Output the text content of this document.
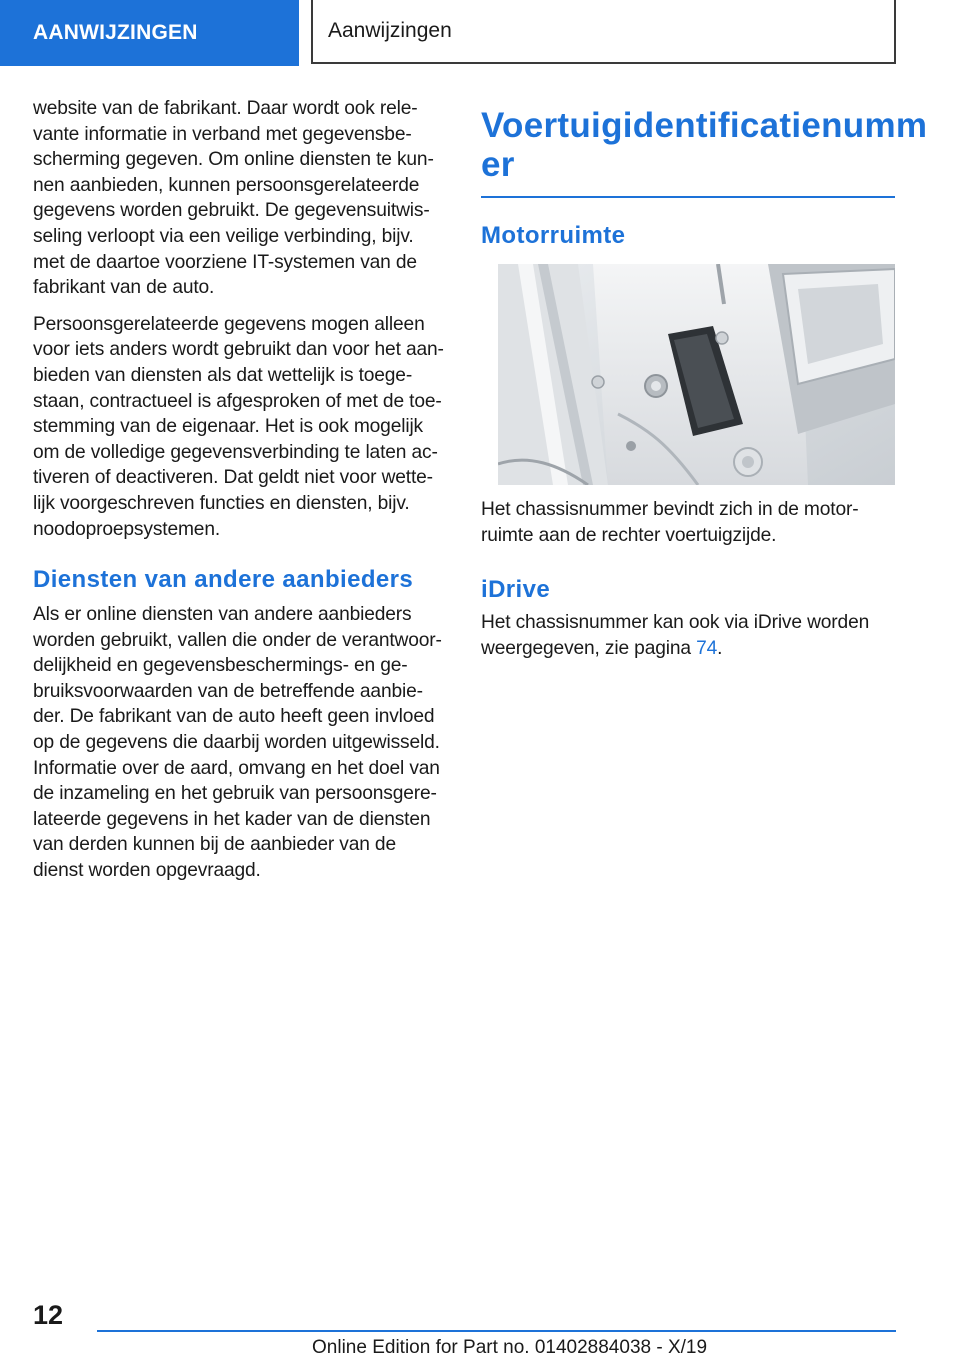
AANWIJZINGEN	Aanwijzingen

website van de fabrikant. Daar wordt ook rele‐
vante informatie in verband met gegevensbe‐
scherming gegeven. Om online diensten te kun‐
nen aanbieden, kunnen persoonsgerelateerde
gegevens worden gebruikt. De gegevensuitwis‐
seling verloopt via een veilige verbinding, bijv.
met de daartoe voorziene IT-systemen van de
fabrikant van de auto.

Persoonsgerelateerde gegevens mogen alleen
voor iets anders wordt gebruikt dan voor het aan‐
bieden van diensten als dat wettelijk is toege‐
staan, contractueel is afgesproken of met de toe‐
stemming van de eigenaar. Het is ook mogelijk
om de volledige gegevensverbinding te laten ac‐
tiveren of deactiveren. Dat geldt niet voor wette‐
lijk voorgeschreven functies en diensten, bijv.
noodoproepsystemen.

Diensten van andere aanbieders

Als er online diensten van andere aanbieders
worden gebruikt, vallen die onder de verantwoor‐
delijkheid en gegevensbeschermings- en ge‐
bruiksvoorwaarden van de betreffende aanbie‐
der. De fabrikant van de auto heeft geen invloed
op de gegevens die daarbij worden uitgewisseld.
Informatie over de aard, omvang en het doel van
de inzameling en het gebruik van persoonsgere‐
lateerde gegevens in het kader van de diensten
van derden kunnen bij de aanbieder van de
dienst worden opgevraagd.

Voertuigidentificatienumm
er
Motorruimte

Het chassisnummer bevindt zich in de motor‐
ruimte aan de rechter voertuigzijde.

iDrive

Het chassisnummer kan ook via iDrive worden
weergegeven, zie pagina 74.

12
Online Edition for Part no. 01402884038 - X/19
